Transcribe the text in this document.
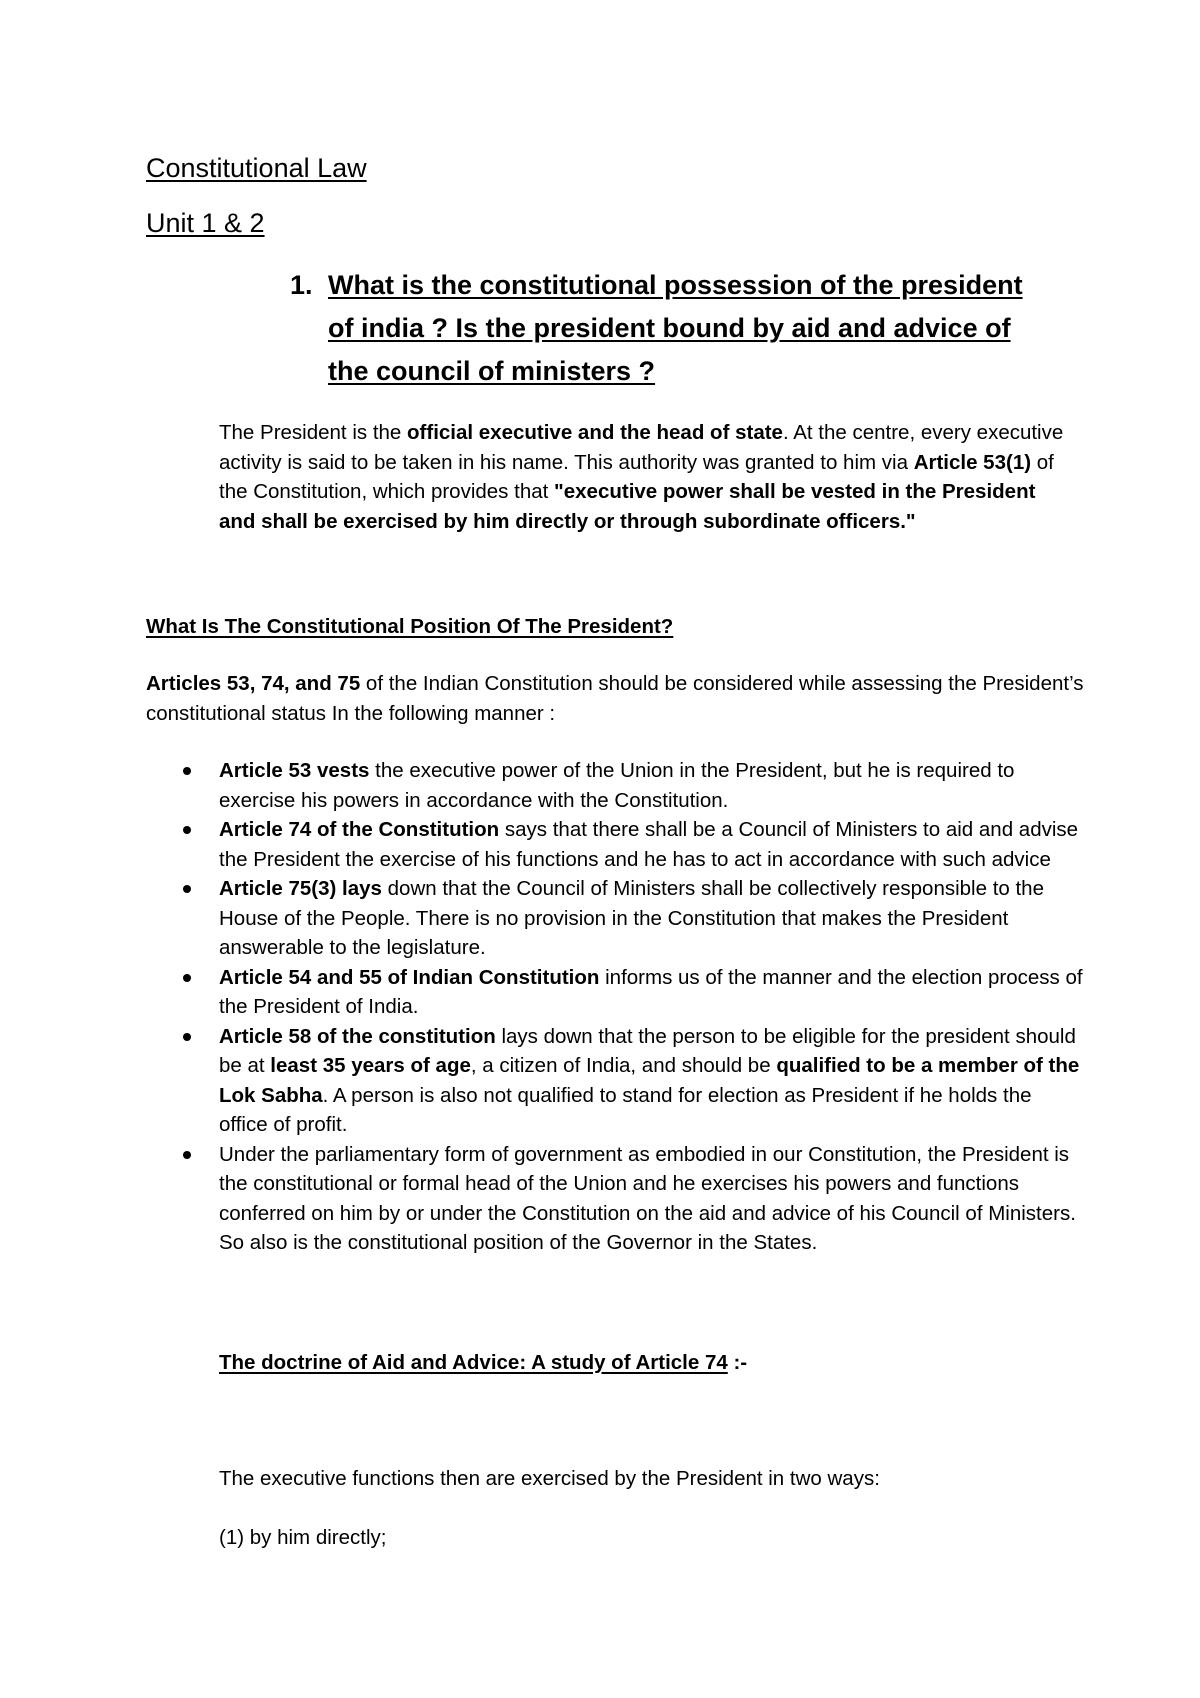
Constitutional Law

Unit 1 & 2

1. What is the constitutional possession of the president
of india ? Is the president bound by aid and advice of
the council of ministers ?

The President is the official executive and the head of state. At the centre, every executive activity is said to be taken in his name. This authority was granted to him via Article 53(1) of the Constitution, which provides that "executive power shall be vested in the President and shall be exercised by him directly or through subordinate officers."

What Is The Constitutional Position Of The President?

Articles 53, 74, and 75 of the Indian Constitution should be considered while assessing the President’s constitutional status In the following manner :

Article 53 vests the executive power of the Union in the President, but he is required to exercise his powers in accordance with the Constitution.
Article 74 of the Constitution says that there shall be a Council of Ministers to aid and advise the President the exercise of his functions and he has to act in accordance with such advice
Article 75(3) lays down that the Council of Ministers shall be collectively responsible to the House of the People. There is no provision in the Constitution that makes the President answerable to the legislature.
Article 54 and 55 of Indian Constitution informs us of the manner and the election process of the President of India.
Article 58 of the constitution lays down that the person to be eligible for the president should be at least 35 years of age, a citizen of India, and should be qualified to be a member of the Lok Sabha. A person is also not qualified to stand for election as President if he holds the office of profit.
Under the parliamentary form of government as embodied in our Constitution, the President is the constitutional or formal head of the Union and he exercises his powers and functions conferred on him by or under the Constitution on the aid and advice of his Council of Ministers. So also is the constitutional position of the Governor in the States.

The doctrine of Aid and Advice: A study of Article 74 :-

The executive functions then are exercised by the President in two ways:

(1) by him directly;
